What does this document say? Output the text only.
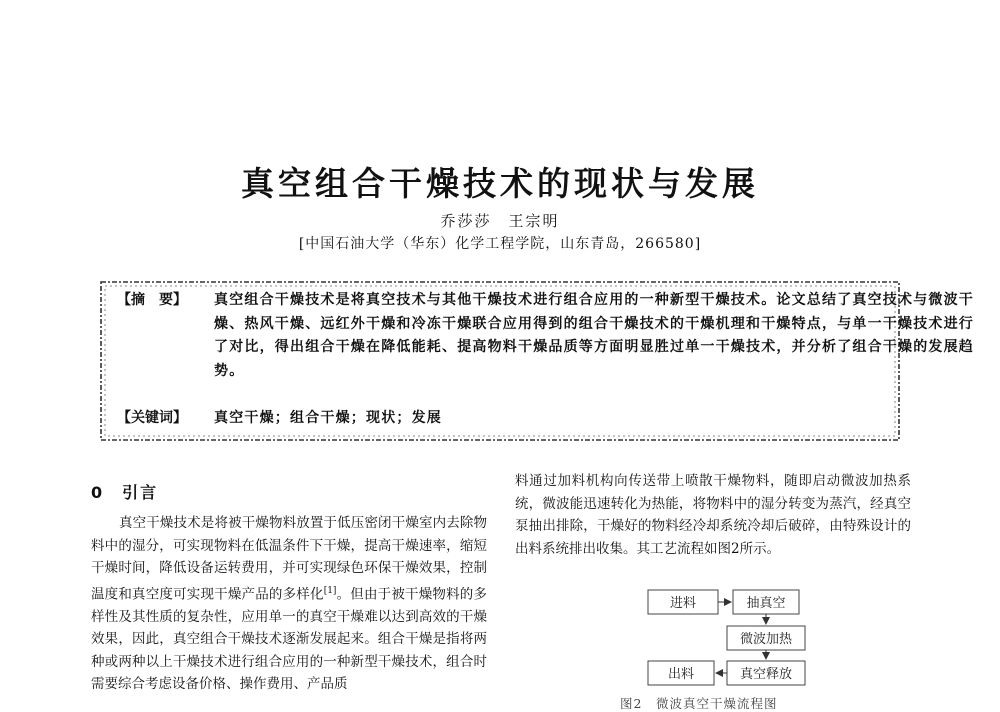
真空组合干燥技术的现状与发展
乔莎莎　王宗明
[中国石油大学（华东）化学工程学院，山东青岛，266580]
【摘　要】	真空组合干燥技术是将真空技术与其他干燥技术进行组合应用的一种新型干燥技术。论文总结了真空技术与微波干燥、热风干燥、远红外干燥和冷冻干燥联合应用得到的组合干燥技术的干燥机理和干燥特点，与单一干燥技术进行了对比，得出组合干燥在降低能耗、提高物料干燥品质等方面明显胜过单一干燥技术，并分析了组合干燥的发展趋势。
【关键词】	真空干燥；组合干燥；现状；发展
0 引言

真空干燥技术是将被干燥物料放置于低压密闭干燥室内去除物料中的湿分，可实现物料在低温条件下干燥，提高干燥速率，缩短干燥时间，降低设备运转费用，并可实现绿色环保干燥效果，控制温度和真空度可实现干燥产品的多样化[1]。但由于被干燥物料的多样性及其性质的复杂性，应用单一的真空干燥难以达到高效的干燥效果，因此，真空组合干燥技术逐渐发展起来。组合干燥是指将两种或两种以上干燥技术进行组合应用的一种新型干燥技术，组合时需要综合考虑设备价格、操作费用、产品质

料通过加料机构向传送带上喷散干燥物料，随即启动微波加热系统，微波能迅速转化为热能，将物料中的湿分转变为蒸汽，经真空泵抽出排除，干燥好的物料经冷却系统冷却后破碎，由特殊设计的出料系统排出收集。其工艺流程如图2所示。

进料	抽真空
微波加热
真空释放
出料
图2　微波真空干燥流程图
